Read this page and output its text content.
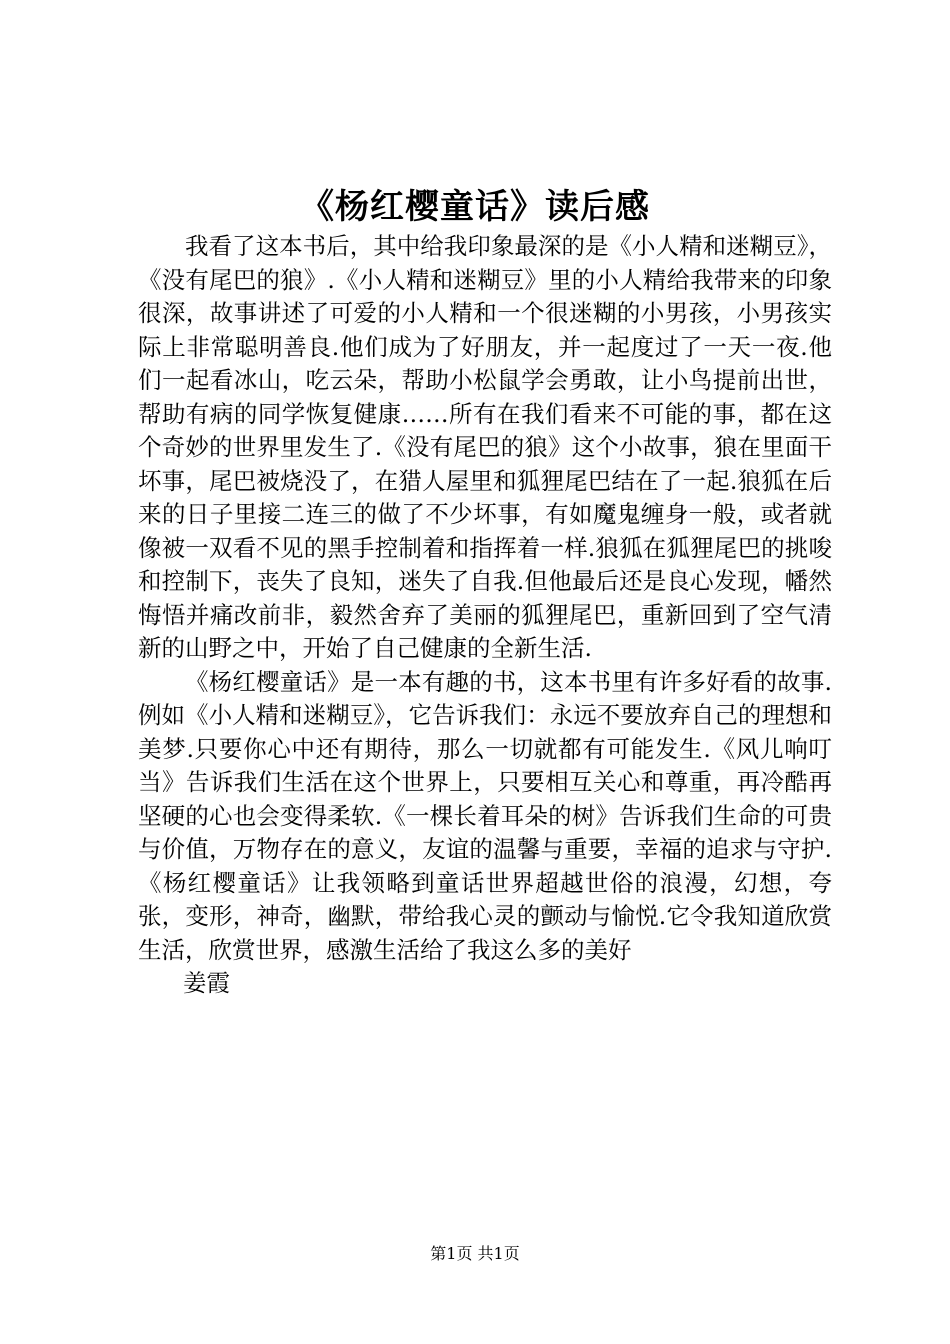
《杨红樱童话》读后感

我看了这本书后，其中给我印象最深的是《小人精和迷糊豆》，《没有尾巴的狼》.《小人精和迷糊豆》里的小人精给我带来的印象很深，故事讲述了可爱的小人精和一个很迷糊的小男孩，小男孩实际上非常聪明善良.他们成为了好朋友，并一起度过了一天一夜.他们一起看冰山，吃云朵，帮助小松鼠学会勇敢，让小鸟提前出世，帮助有病的同学恢复健康……所有在我们看来不可能的事，都在这个奇妙的世界里发生了.《没有尾巴的狼》这个小故事，狼在里面干坏事，尾巴被烧没了，在猎人屋里和狐狸尾巴结在了一起.狼狐在后来的日子里接二连三的做了不少坏事，有如魔鬼缠身一般，或者就像被一双看不见的黑手控制着和指挥着一样.狼狐在狐狸尾巴的挑唆和控制下，丧失了良知，迷失了自我.但他最后还是良心发现，幡然悔悟并痛改前非，毅然舍弃了美丽的狐狸尾巴，重新回到了空气清新的山野之中，开始了自己健康的全新生活.

《杨红樱童话》是一本有趣的书，这本书里有许多好看的故事.例如《小人精和迷糊豆》，它告诉我们：永远不要放弃自己的理想和美梦.只要你心中还有期待，那么一切就都有可能发生.《风儿响叮当》告诉我们生活在这个世界上，只要相互关心和尊重，再冷酷再坚硬的心也会变得柔软.《一棵长着耳朵的树》告诉我们生命的可贵与价值，万物存在的意义，友谊的温馨与重要，幸福的追求与守护.《杨红樱童话》让我领略到童话世界超越世俗的浪漫，幻想，夸张，变形，神奇，幽默，带给我心灵的颤动与愉悦.它令我知道欣赏生活，欣赏世界，感激生活给了我这么多的美好

姜霞
第1页 共1页
